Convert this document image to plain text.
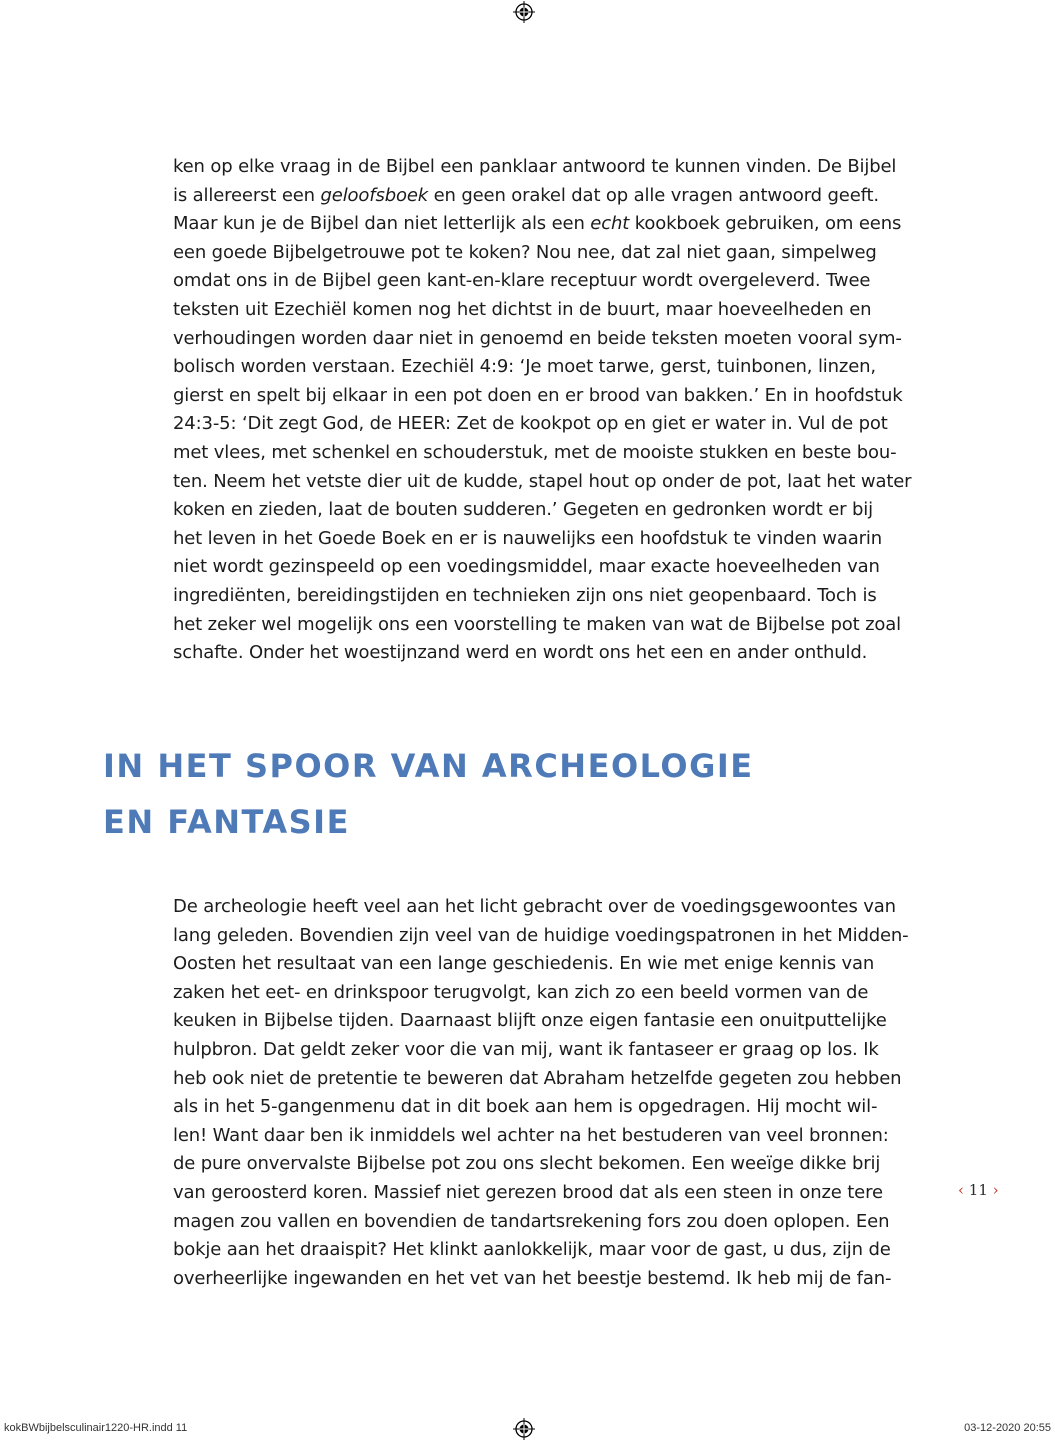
ken op elke vraag in de Bijbel een panklaar antwoord te kunnen vinden. De Bijbel
is allereerst een geloofsboek en geen orakel dat op alle vragen antwoord geeft.
Maar kun je de Bijbel dan niet letterlijk als een echt kookboek gebruiken, om eens
een goede Bijbelgetrouwe pot te koken? Nou nee, dat zal niet gaan, simpelweg
omdat ons in de Bijbel geen kant-en-klare receptuur wordt overgeleverd. Twee
teksten uit Ezechiël komen nog het dichtst in de buurt, maar hoeveelheden en
verhoudingen worden daar niet in genoemd en beide teksten moeten vooral sym-
bolisch worden verstaan. Ezechiël 4:9: ‘Je moet tarwe, gerst, tuinbonen, linzen,
gierst en spelt bij elkaar in een pot doen en er brood van bakken.’ En in hoofdstuk
24:3-5: ‘Dit zegt God, de HEER: Zet de kookpot op en giet er water in. Vul de pot
met vlees, met schenkel en schouderstuk, met de mooiste stukken en beste bou-
ten. Neem het vetste dier uit de kudde, stapel hout op onder de pot, laat het water
koken en zieden, laat de bouten sudderen.’ Gegeten en gedronken wordt er bij
het leven in het Goede Boek en er is nauwelijks een hoofdstuk te vinden waarin
niet wordt gezinspeeld op een voedingsmiddel, maar exacte hoeveelheden van
ingrediënten, bereidingstijden en technieken zijn ons niet geopenbaard. Toch is
het zeker wel mogelijk ons een voorstelling te maken van wat de Bijbelse pot zoal
schafte. Onder het woestijnzand werd en wordt ons het een en ander onthuld.
IN HET SPOOR VAN ARCHEOLOGIE
EN FANTASIE
De archeologie heeft veel aan het licht gebracht over de voedingsgewoontes van
lang geleden. Bovendien zijn veel van de huidige voedingspatronen in het Midden-
Oosten het resultaat van een lange geschiedenis. En wie met enige kennis van
zaken het eet- en drinkspoor terugvolgt, kan zich zo een beeld vormen van de
keuken in Bijbelse tijden. Daarnaast blijft onze eigen fantasie een onuitputtelijke
hulpbron. Dat geldt zeker voor die van mij, want ik fantaseer er graag op los. Ik
heb ook niet de pretentie te beweren dat Abraham hetzelfde gegeten zou hebben
als in het 5-gangenmenu dat in dit boek aan hem is opgedragen. Hij mocht wil-
len! Want daar ben ik inmiddels wel achter na het bestuderen van veel bronnen:
de pure onvervalste Bijbelse pot zou ons slecht bekomen. Een weeïge dikke brij
van geroosterd koren. Massief niet gerezen brood dat als een steen in onze tere
magen zou vallen en bovendien de tandartsrekening fors zou doen oplopen. Een
bokje aan het draaispit? Het klinkt aanlokkelijk, maar voor de gast, u dus, zijn de
overheerlijke ingewanden en het vet van het beestje bestemd. Ik heb mij de fan-
‹ 11 ›
kokBWbijbelsculinair1220-HR.indd 11	03-12-2020 20:55
